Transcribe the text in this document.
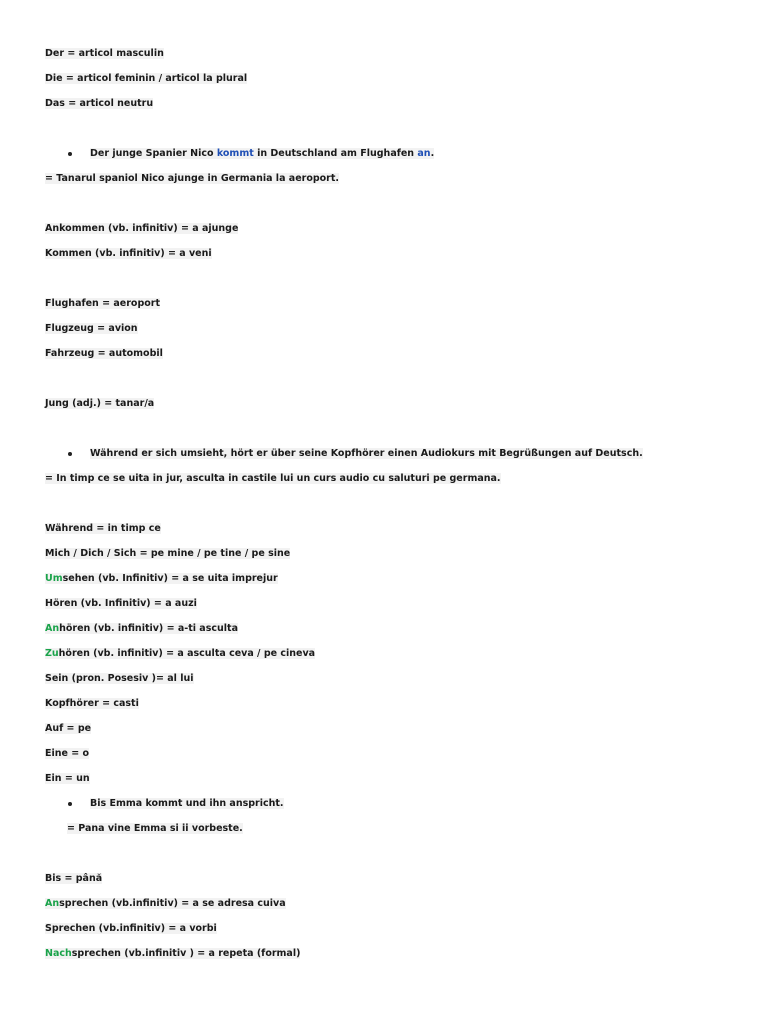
Der = articol masculin
Die = articol feminin / articol la plural
Das = articol neutru
Der junge Spanier Nico kommt in Deutschland am Flughafen an.
= Tanarul spaniol Nico ajunge in Germania la aeroport.
Ankommen (vb. infinitiv) = a ajunge
Kommen (vb. infinitiv) = a veni
Flughafen = aeroport
Flugzeug = avion
Fahrzeug = automobil
Jung (adj.) = tanar/a
Während er sich umsieht, hört er über seine Kopfhörer einen Audiokurs mit Begrüßungen auf Deutsch.
= In timp ce se uita in jur, asculta in castile lui un curs audio cu saluturi pe germana.
Während = in timp ce
Mich / Dich / Sich = pe mine / pe tine / pe sine
Umsehen (vb. Infinitiv) = a se uita imprejur
Hören (vb. Infinitiv) = a auzi
Anhören (vb. infinitiv) = a-ti asculta
Zuhören (vb. infinitiv) = a asculta ceva / pe cineva
Sein (pron. Posesiv )= al lui
Kopfhörer = casti
Auf = pe
Eine = o
Ein = un
Bis Emma kommt und ihn anspricht.
= Pana vine Emma si ii vorbeste.
Bis = până
Ansprechen (vb.infinitiv) = a se adresa cuiva
Sprechen (vb.infinitiv) = a vorbi
Nachsprechen (vb.infinitiv ) = a repeta (formal)
